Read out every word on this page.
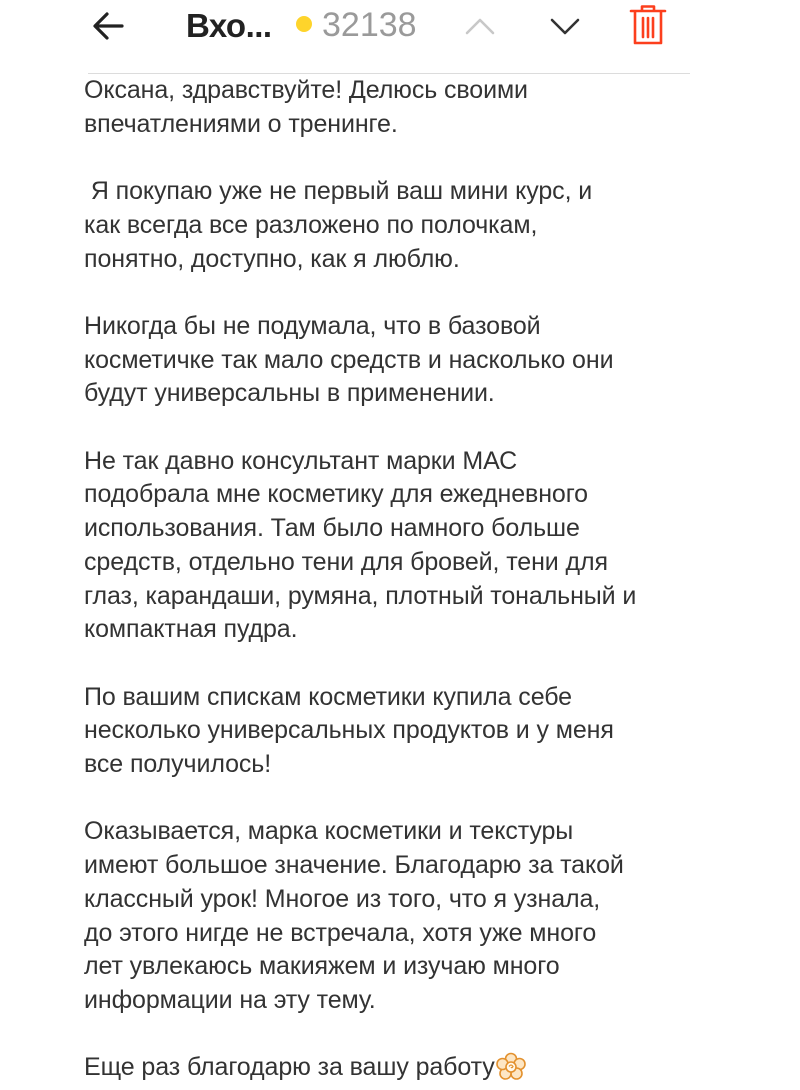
Вхо... 32138
Оксана, здравствуйте! Делюсь своими
впечатлениями о тренинге.
Я покупаю уже не первый ваш мини курс, и
как всегда все разложено по полочкам,
понятно, доступно, как я люблю.
Никогда бы не подумала, что в базовой
косметичке так мало средств и насколько они
будут универсальны в применении.
Не так давно консультант марки МАС
подобрала мне косметику для ежедневного
использования. Там было намного больше
средств, отдельно тени для бровей, тени для
глаз, карандаши, румяна, плотный тональный и
компактная пудра.
По вашим спискам косметики купила себе
несколько универсальных продуктов и у меня
все получилось!
Оказывается, марка косметики и текстуры
имеют большое значение. Благодарю за такой
классный урок! Многое из того, что я узнала,
до этого нигде не встречала, хотя уже много
лет увлекаюсь макияжем и изучаю много
информации на эту тему.
Еще раз благодарю за вашу работу
